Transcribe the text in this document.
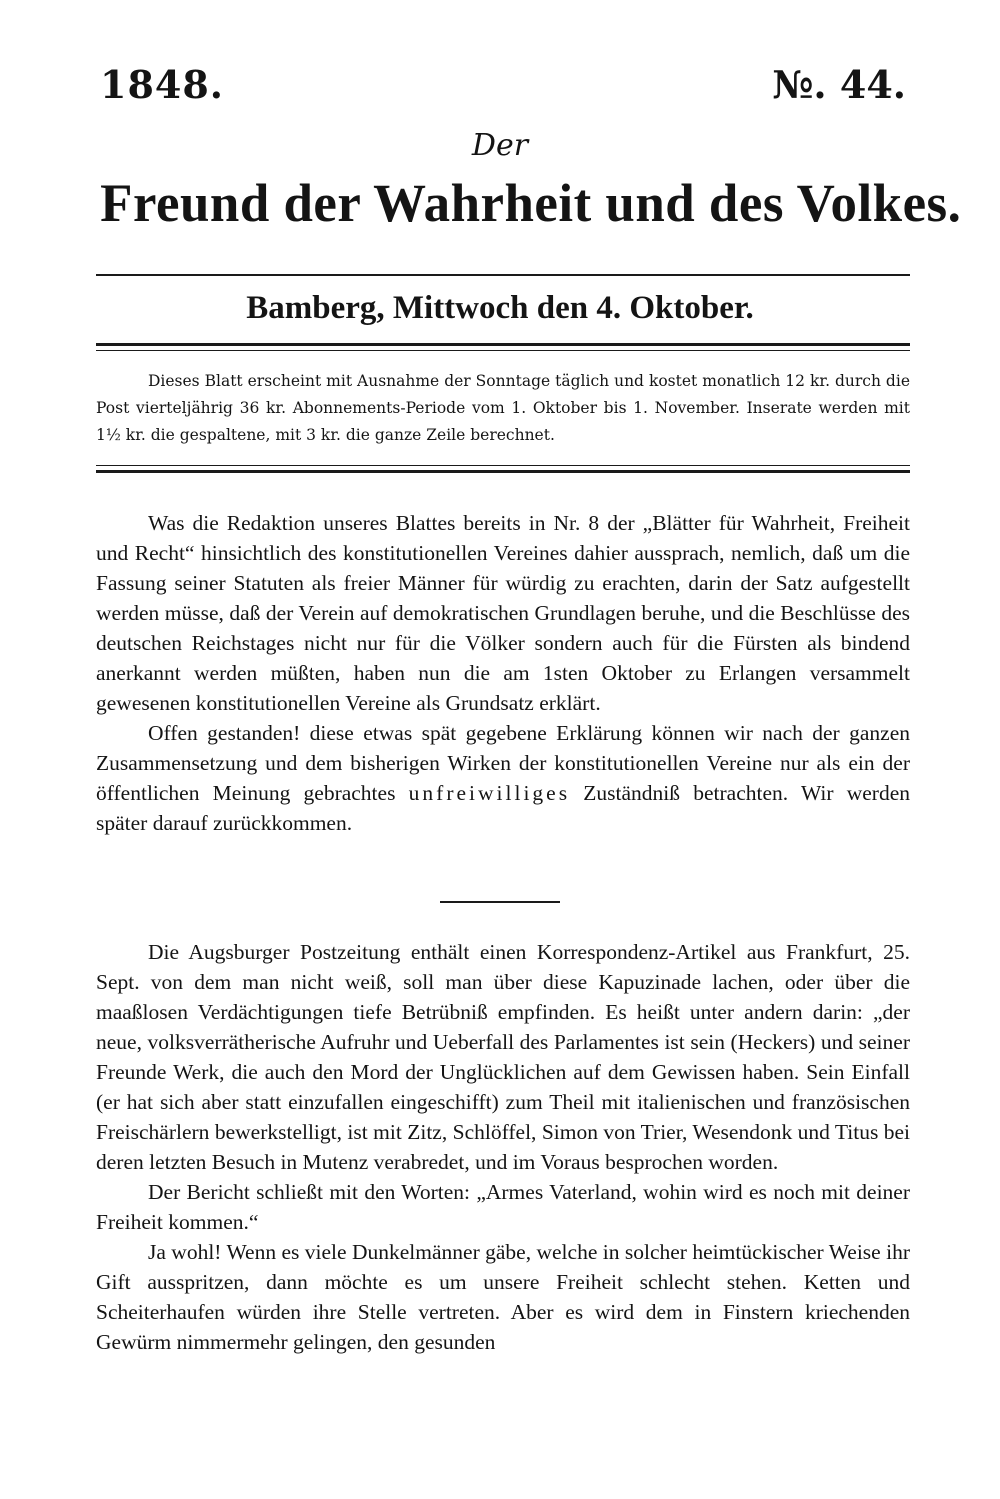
1848.	№. 44.
Der
Freund der Wahrheit und des Volkes.
Bamberg, Mittwoch den 4. Oktober.

Dieses Blatt erscheint mit Ausnahme der Sonntage täglich und kostet monatlich 12 kr. durch die Post vierteljährig 36 kr. Abonnements-Periode vom 1. Oktober bis 1. November. Inserate werden mit 1½ kr. die gespaltene, mit 3 kr. die ganze Zeile berechnet.

Was die Redaktion unseres Blattes bereits in Nr. 8 der „Blätter für Wahrheit, Freiheit und Recht“ hinsichtlich des konstitutionellen Vereines dahier aussprach, nemlich, daß um die Fassung seiner Statuten als freier Männer für würdig zu erachten, darin der Satz aufgestellt werden müsse, daß der Verein auf demokratischen Grundlagen beruhe, und die Beschlüsse des deutschen Reichstages nicht nur für die Völker sondern auch für die Fürsten als bindend anerkannt werden müßten, haben nun die am 1sten Oktober zu Erlangen versammelt gewesenen konstitutionellen Vereine als Grundsatz erklärt.

Offen gestanden! diese etwas spät gegebene Erklärung können wir nach der ganzen Zusammensetzung und dem bisherigen Wirken der konstitutionellen Vereine nur als ein der öffentlichen Meinung gebrachtes unfreiwilliges Zuständniß betrachten. Wir werden später darauf zurückkommen.

Die Augsburger Postzeitung enthält einen Korrespondenz-Artikel aus Frankfurt, 25. Sept. von dem man nicht weiß, soll man über diese Kapuzinade lachen, oder über die maaßlosen Verdächtigungen tiefe Betrübniß empfinden. Es heißt unter andern darin: „der neue, volksverrätherische Aufruhr und Ueberfall des Parlamentes ist sein (Heckers) und seiner Freunde Werk, die auch den Mord der Unglücklichen auf dem Gewissen haben. Sein Einfall (er hat sich aber statt einzufallen eingeschifft) zum Theil mit italienischen und französischen Freischärlern bewerkstelligt, ist mit Zitz, Schlöffel, Simon von Trier, Wesendonk und Titus bei deren letzten Besuch in Mutenz verabredet, und im Voraus besprochen worden.

Der Bericht schließt mit den Worten: „Armes Vaterland, wohin wird es noch mit deiner Freiheit kommen.“

Ja wohl! Wenn es viele Dunkelmänner gäbe, welche in solcher heimtückischer Weise ihr Gift ausspritzen, dann möchte es um unsere Freiheit schlecht stehen. Ketten und Scheiterhaufen würden ihre Stelle vertreten. Aber es wird dem in Finstern kriechenden Gewürm nimmermehr gelingen, den gesunden
